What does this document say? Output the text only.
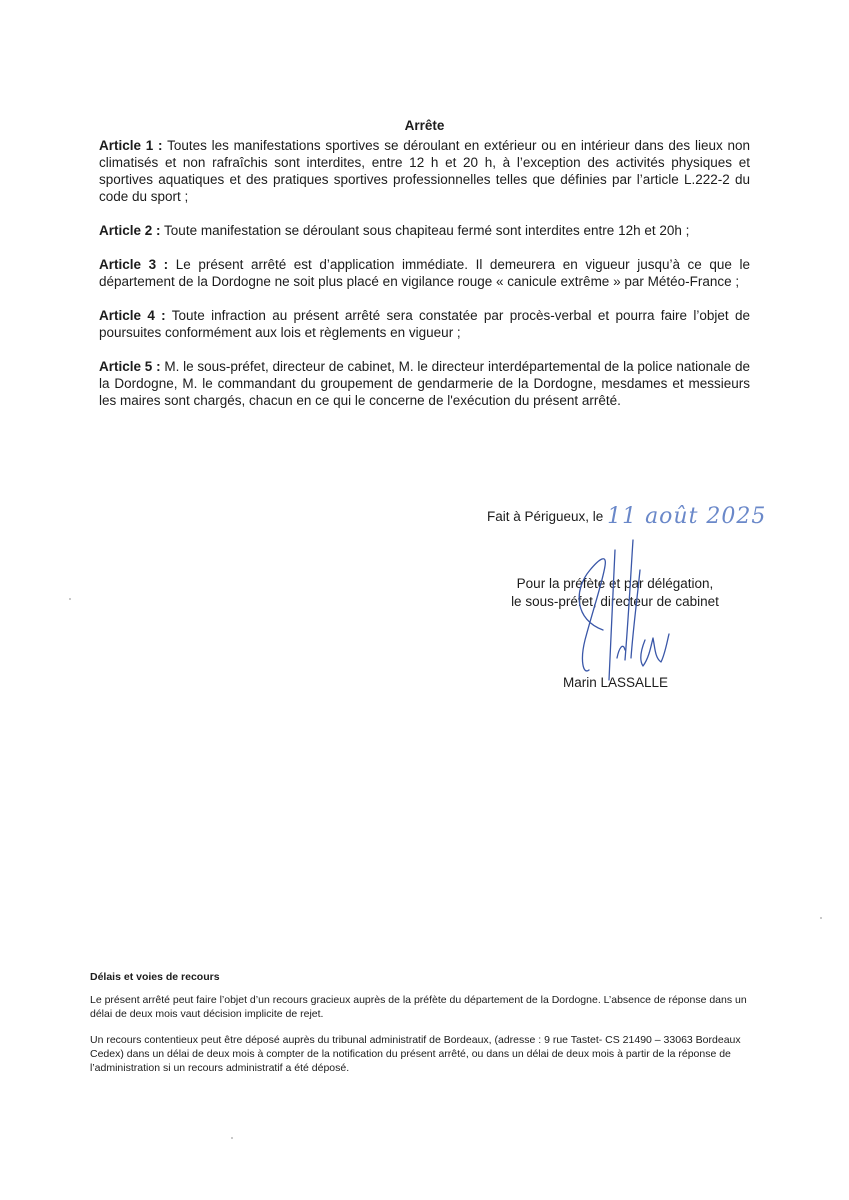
Arrête

Article 1 : Toutes les manifestations sportives se déroulant en extérieur ou en intérieur dans des lieux non climatisés et non rafraîchis sont interdites, entre 12 h et 20 h, à l’exception des activités physiques et sportives aquatiques et des pratiques sportives professionnelles telles que définies par l’article L.222-2 du code du sport ;

Article 2 : Toute manifestation se déroulant sous chapiteau fermé sont interdites entre 12h et 20h ;

Article 3 : Le présent arrêté est d’application immédiate. Il demeurera en vigueur jusqu’à ce que le département de la Dordogne ne soit plus placé en vigilance rouge « canicule extrême » par Météo-France ;

Article 4 : Toute infraction au présent arrêté sera constatée par procès-verbal et pourra faire l’objet de poursuites conformément aux lois et règlements en vigueur ;

Article 5 : M. le sous-préfet, directeur de cabinet, M. le directeur interdépartemental de la police nationale de la Dordogne, M. le commandant du groupement de gendarmerie de la Dordogne, mesdames et messieurs les maires sont chargés, chacun en ce qui le concerne de l'exécution du présent arrêté.

Fait à Périgueux, le 11 août 2025
Pour la préfète et par délégation,
le sous-préfet, directeur de cabinet
Marin LASSALLE
Délais et voies de recours

Le présent arrêté peut faire l’objet d’un recours gracieux auprès de la préfète du département de la Dordogne. L’absence de réponse dans un délai de deux mois vaut décision implicite de rejet.

Un recours contentieux peut être déposé auprès du tribunal administratif de Bordeaux, (adresse : 9 rue Tastet- CS 21490 – 33063 Bordeaux Cedex) dans un délai de deux mois à compter de la notification du présent arrêté, ou dans un délai de deux mois à partir de la réponse de l’administration si un recours administratif a été déposé.
